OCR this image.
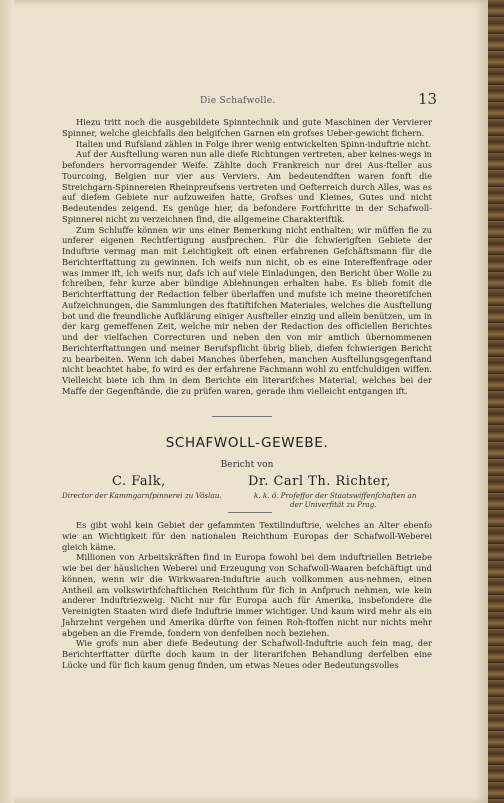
Die Schafwolle.	13

Hiezu tritt noch die ausgebildete Spinntechnik und gute Maschinen der Vervierer Spinner, welche gleichfalls den belgifchen Garnen ein grofses Ueber-gewicht fichern.

Italien und Rufsland zählen in Folge ihrer wenig entwickelten Spinn-induftrie nicht.

Auf der Ausftellung waren nun alle diefe Richtungen vertreten, aber keines-wegs in befonders hervorragender Weife. Zählte doch Frankreich nur drei Aus-fteller aus Tourcoing, Belgien nur vier aus Verviers. Am bedeutendften waren fonft die Streichgarn-Spinnereien Rheinpreufsens vertreten und Oefterreich durch Alles, was es auf diefem Gebiete nur aufzuweifen hatte, Grofses und Kleines, Gutes und nicht Bedeutendes zeigend. Es genüge hier, da befondere Fortfchritte in der Schafwoll-Spinnerei nicht zu verzeichnen find, die allgemeine Charakteriftik.

Zum Schluffe können wir uns einer Bemerkung nicht enthalten; wir müffen fie zu unferer eigenen Rechtfertigung ausfprechen. Für die fchwierigften Gebiete der Induftrie vermag man mit Leichtigkeit oft einen erfahrenen Gefchäftsmann für die Berichterftattung zu gewinnen. Ich weifs nun nicht, ob es eine Intereffenfrage oder was immer ift, ich weifs nur, dafs ich auf viele Einladungen, den Bericht über Wolle zu fchreiben, fehr kurze aber bündige Ablehnungen erhalten habe. Es blieb fomit die Berichterftattung der Redaction felber überlaffen und mufste ich meine theoretifchen Aufzeichnungen, die Sammlungen des ftatiftifchen Materiales, welches die Ausftellung bot und die freundliche Aufklärung einiger Ausfteller einzig und allein benützen, um in der karg gemeffenen Zeit, welche mir neben der Redaction des officiellen Berichtes und der vielfachen Correcturen und neben den von mir amtlich übernommenen Berichterftattungen und meiner Berufspflicht übrig blieb, diefen fchwierigen Bericht zu bearbeiten. Wenn ich dabei Manches überfehen, manchen Ausftellungsgegenftand nicht beachtet habe, fo wird es der erfahrene Fachmann wohl zu entfchuldigen wiffen. Vielleicht biete ich ihm in dem Berichte ein literarifches Material, welches bei der Maffe der Gegenftände, die zu prüfen waren, gerade ihm vielleicht entgangen ift.

SCHAFWOLL-GEWEBE.
Bericht von
C. Falk,	Dr. Carl Th. Richter,
Director der Kammgarnfpinnerei zu Vöslau.	k. k. ö. Profeffor der Staatswiffenfchaften an
der Univerfität zu Prag.

Es gibt wohl kein Gebiet der gefammten Textilinduftrie, welches an Alter ebenfo wie an Wichtigkeit für den nationalen Reichthum Europas der Schafwoll-Weberei gleich käme.

Millionen von Arbeitskräften find in Europa fowohl bei dem induftriellen Betriebe wie bei der häuslichen Weberei und Erzeugung von Schafwoll-Waaren befchäftigt und können, wenn wir die Wirkwaaren-Induftrie auch vollkommen aus-nehmen, einen Antheil am volkswirthfchaftlichen Reichthum für fich in Anfpruch nehmen, wie kein anderer Induftriezweig. Nicht nur für Europa auch für Amerika, insbefondere die Vereinigten Staaten wird diefe Induftrie immer wichtiger. Und kaum wird mehr als ein Jahrzehnt vergehen und Amerika dürfte von feinen Roh-ftoffen nicht nur nichts mehr abgeben an die Fremde, fondern von denfelben noch beziehen.

Wie grofs nun aber diefe Bedeutung der Schafwoll-Induftrie auch fein mag, der Berichterftatter dürfte doch kaum in der literarifchen Behandlung derfelben eine Lücke und für fich kaum genug finden, um etwas Neues oder Bedeutungsvolles
